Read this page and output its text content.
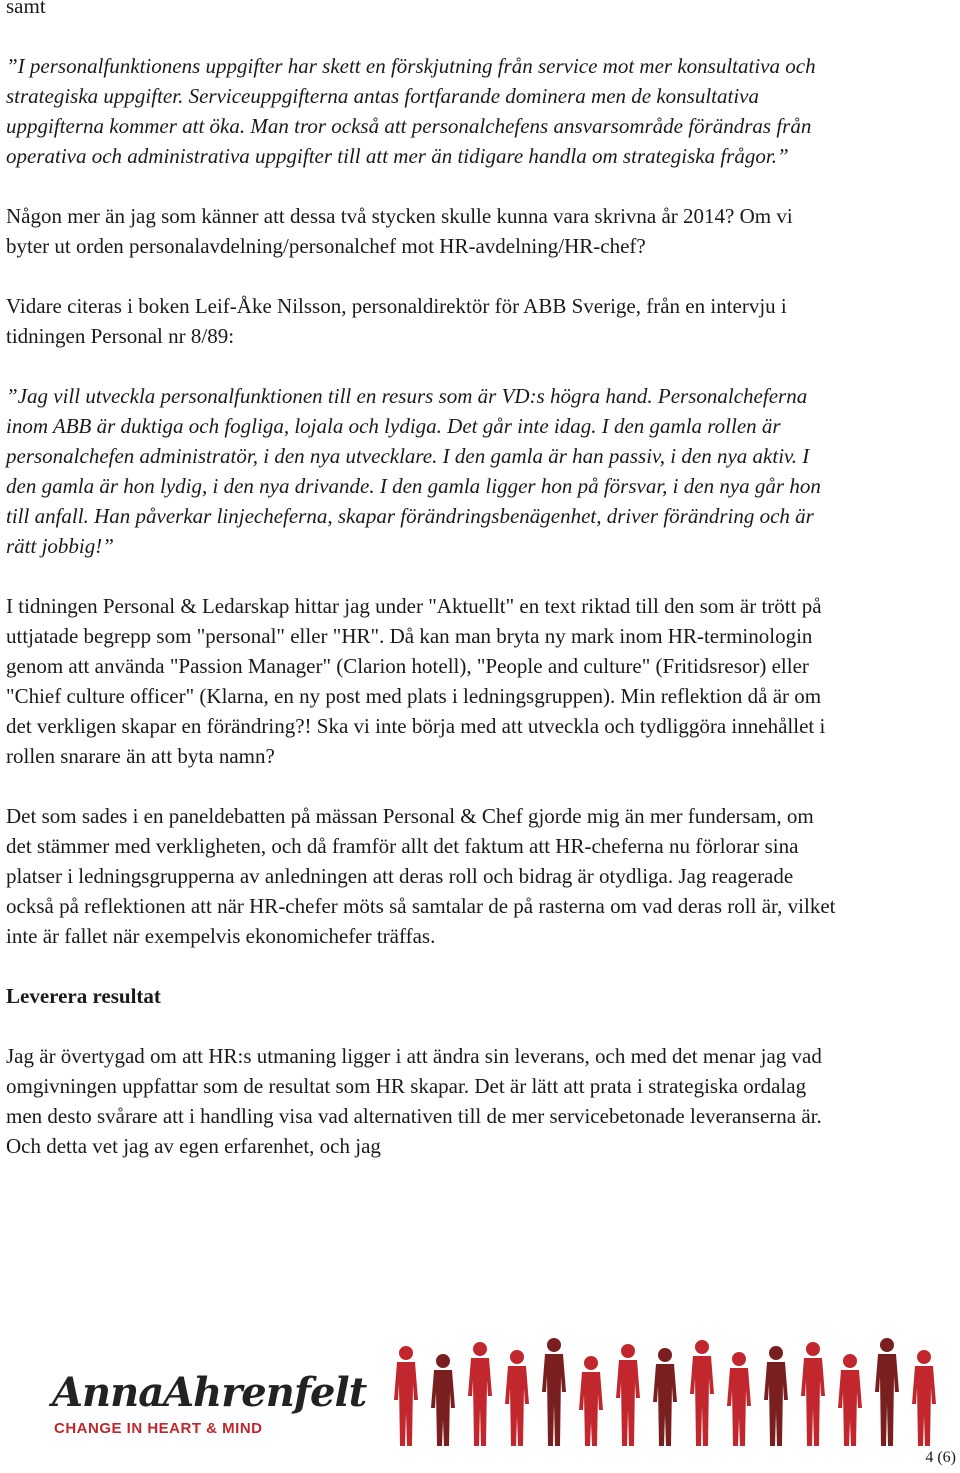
samt

”I personalfunktionens uppgifter har skett en förskjutning från service mot mer konsultativa och strategiska uppgifter. Serviceuppgifterna antas fortfarande dominera men de konsultativa uppgifterna kommer att öka. Man tror också att personalchefens ansvarsområde förändras från operativa och administrativa uppgifter till att mer än tidigare handla om strategiska frågor.”

Någon mer än jag som känner att dessa två stycken skulle kunna vara skrivna år 2014? Om vi byter ut orden personalavdelning/personalchef mot HR-avdelning/HR-chef?

Vidare citeras i boken Leif-Åke Nilsson, personaldirektör för ABB Sverige, från en intervju i tidningen Personal nr 8/89:

”Jag vill utveckla personalfunktionen till en resurs som är VD:s högra hand. Personalcheferna inom ABB är duktiga och fogliga, lojala och lydiga. Det går inte idag. I den gamla rollen är personalchefen administratör, i den nya utvecklare. I den gamla är han passiv, i den nya aktiv. I den gamla är hon lydig, i den nya drivande. I den gamla ligger hon på försvar, i den nya går hon till anfall. Han påverkar linjecheferna, skapar förändringsbenägenhet, driver förändring och är rätt jobbig!”

I tidningen Personal & Ledarskap hittar jag under "Aktuellt" en text riktad till den som är trött på uttjatade begrepp som "personal" eller "HR". Då kan man bryta ny mark inom HR-terminologin genom att använda "Passion Manager" (Clarion hotell), "People and culture" (Fritidsresor) eller "Chief culture officer" (Klarna, en ny post med plats i ledningsgruppen). Min reflektion då är om det verkligen skapar en förändring?! Ska vi inte börja med att utveckla och tydliggöra innehållet i rollen snarare än att byta namn?

Det som sades i en paneldebatten på mässan Personal & Chef gjorde mig än mer fundersam, om det stämmer med verkligheten, och då framför allt det faktum att HR-cheferna nu förlorar sina platser i ledningsgrupperna av anledningen att deras roll och bidrag är otydliga. Jag reagerade också på reflektionen att när HR-chefer möts så samtalar de på rasterna om vad deras roll är, vilket inte är fallet när exempelvis ekonomichefer träffas.

Leverera resultat

Jag är övertygad om att HR:s utmaning ligger i att ändra sin leverans, och med det menar jag vad omgivningen uppfattar som de resultat som HR skapar. Det är lätt att prata i strategiska ordalag men desto svårare att i handling visa vad alternativen till de mer servicebetonade leveranserna är. Och detta vet jag av egen erfarenhet, och jag

AnnaAhrenfelt
CHANGE IN HEART & MIND
4 (6)
